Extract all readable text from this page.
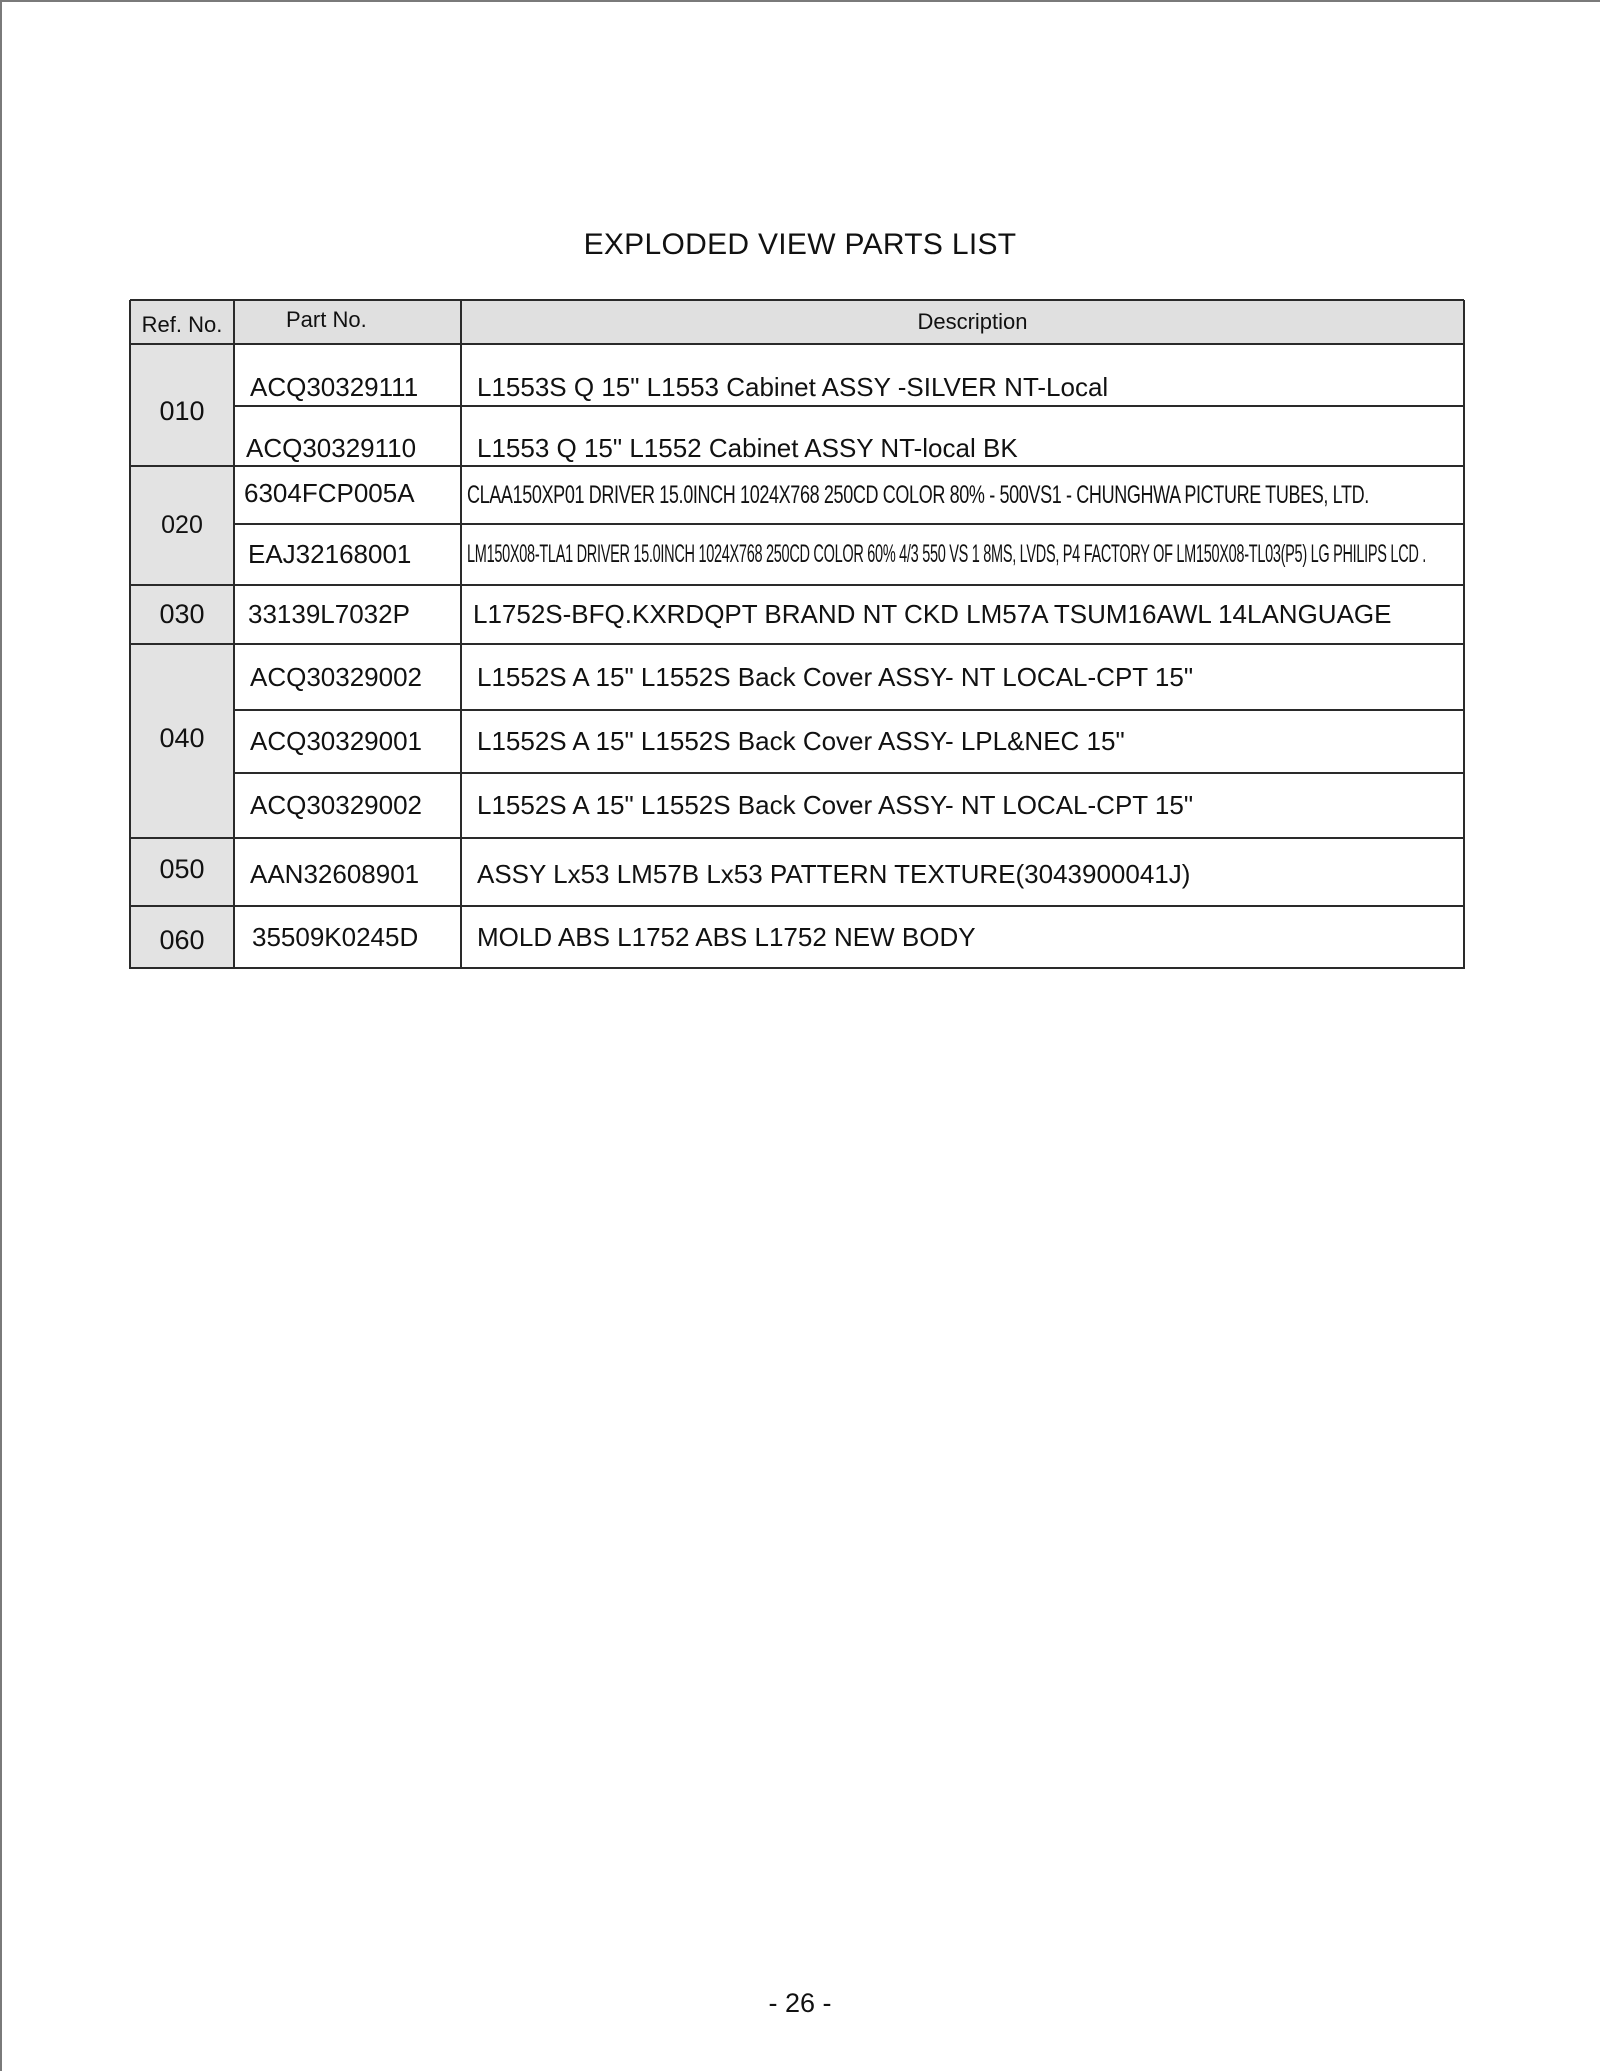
EXPLODED VIEW PARTS LIST
Ref. No.	Part No.	Description
010
ACQ30329111 L1553S Q 15" L1553 Cabinet ASSY -SILVER NT-Local
ACQ30329110 L1553 Q 15" L1552 Cabinet ASSY NT-local BK
020
6304FCP005A CLAA150XP01 DRIVER 15.0INCH 1024X768 250CD COLOR 80% - 500VS1 - CHUNGHWA PICTURE TUBES, LTD.
EAJ32168001 LM150X08-TLA1 DRIVER 15.0INCH 1024X768 250CD COLOR 60% 4/3 550 VS 1 8MS, LVDS, P4 FACTORY OF LM150X08-TL03(P5) LG PHILIPS LCD .
030 33139L7032P L1752S-BFQ.KXRDQPT BRAND NT CKD LM57A TSUM16AWL 14LANGUAGE
040
ACQ30329002 L1552S A 15" L1552S Back Cover ASSY- NT LOCAL-CPT 15"
ACQ30329001 L1552S A 15" L1552S Back Cover ASSY- LPL&NEC 15"
ACQ30329002 L1552S A 15" L1552S Back Cover ASSY- NT LOCAL-CPT 15"
050 AAN32608901 ASSY Lx53 LM57B Lx53 PATTERN TEXTURE(3043900041J)
060 35509K0245D MOLD ABS L1752 ABS L1752 NEW BODY
- 26 -
